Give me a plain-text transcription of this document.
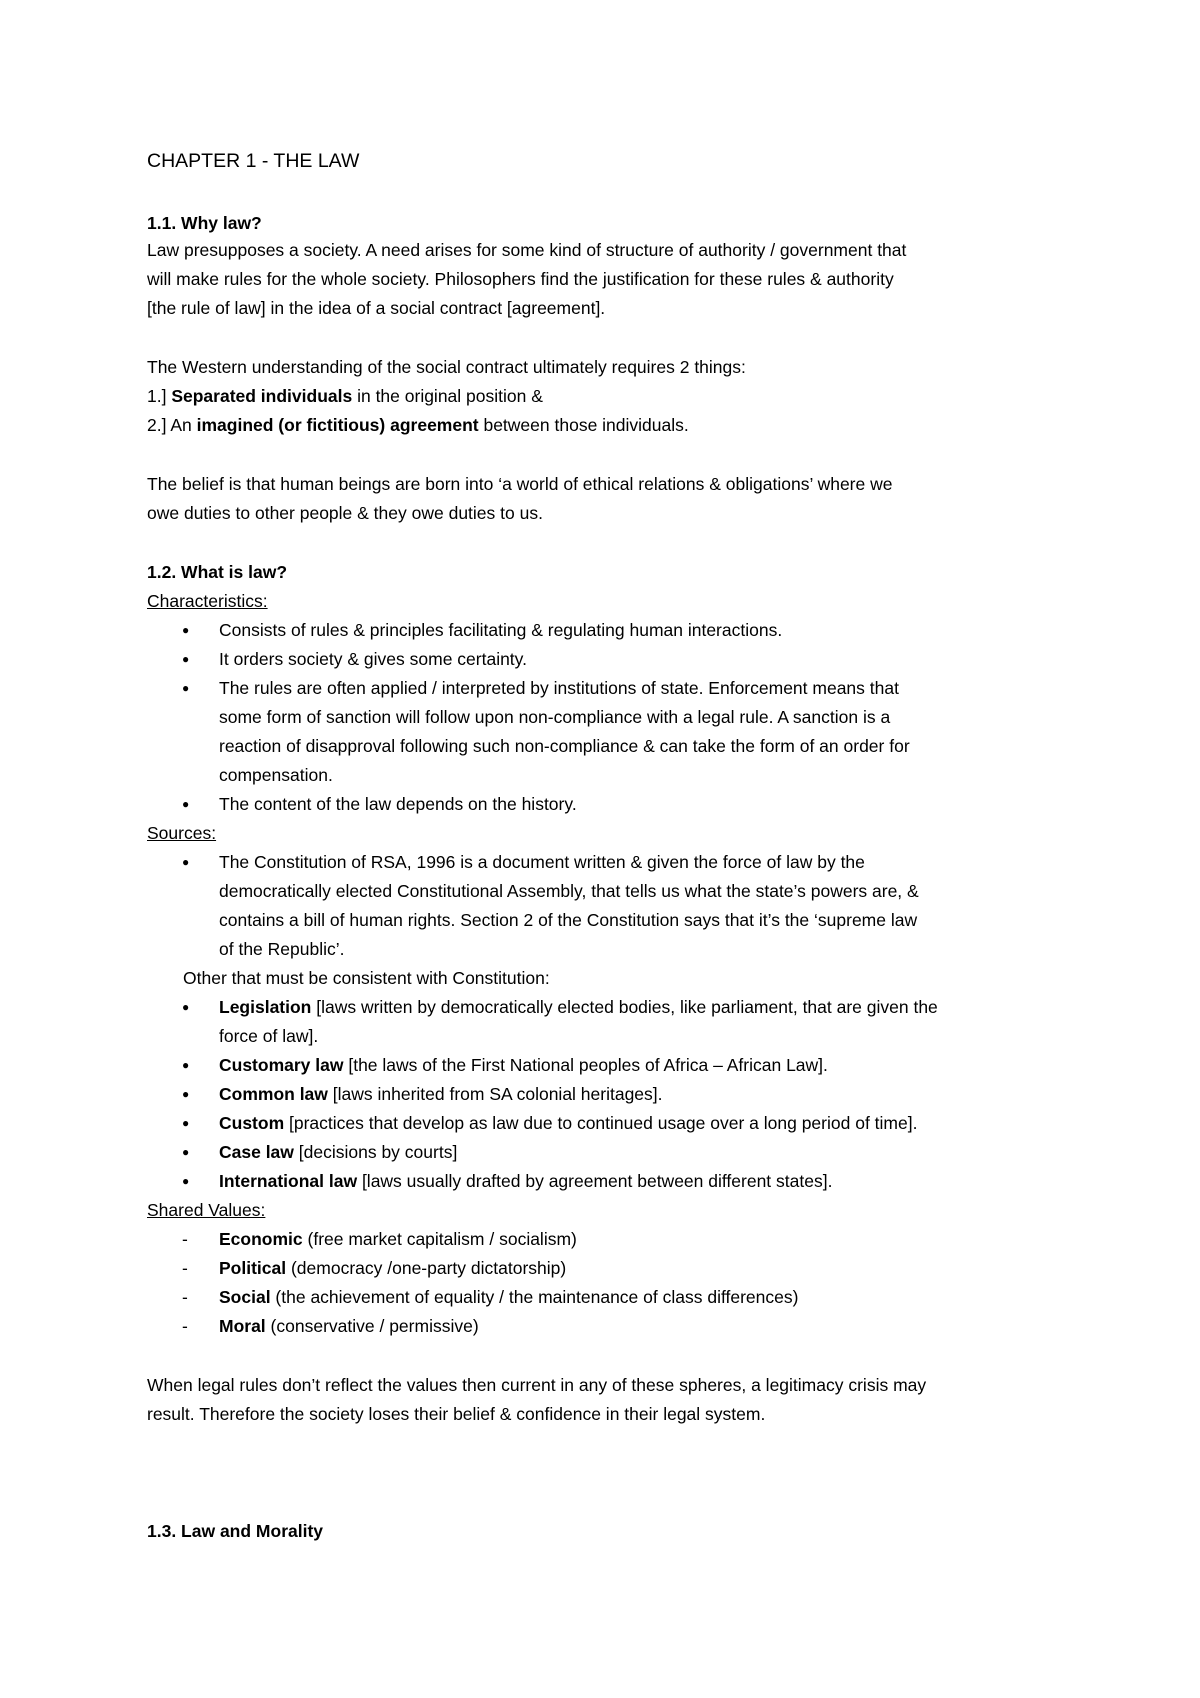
CHAPTER 1 - THE LAW
1.1. Why law?
Law presupposes a society. A need arises for some kind of structure of authority / government that
will make rules for the whole society. Philosophers find the justification for these rules & authority
[the rule of law] in the idea of a social contract [agreement].
The Western understanding of the social contract ultimately requires 2 things:
1.] Separated individuals in the original position &
2.] An imagined (or fictitious) agreement between those individuals.
The belief is that human beings are born into ‘a world of ethical relations & obligations’ where we
owe duties to other people & they owe duties to us.
1.2. What is law?
Characteristics:
● Consists of rules & principles facilitating & regulating human interactions.
● It orders society & gives some certainty.
● The rules are often applied / interpreted by institutions of state. Enforcement means that
some form of sanction will follow upon non-compliance with a legal rule. A sanction is a
reaction of disapproval following such non-compliance & can take the form of an order for
compensation.
● The content of the law depends on the history.
Sources:
● The Constitution of RSA, 1996 is a document written & given the force of law by the
democratically elected Constitutional Assembly, that tells us what the state’s powers are, &
contains a bill of human rights. Section 2 of the Constitution says that it’s the ‘supreme law
of the Republic’.
Other that must be consistent with Constitution:
● Legislation [laws written by democratically elected bodies, like parliament, that are given the
force of law].
● Customary law [the laws of the First National peoples of Africa – African Law].
● Common law [laws inherited from SA colonial heritages].
● Custom [practices that develop as law due to continued usage over a long period of time].
● Case law [decisions by courts]
● International law [laws usually drafted by agreement between different states].
Shared Values:
- Economic (free market capitalism / socialism)
- Political (democracy /one-party dictatorship)
- Social (the achievement of equality / the maintenance of class differences)
- Moral (conservative / permissive)
When legal rules don’t reflect the values then current in any of these spheres, a legitimacy crisis may
result. Therefore the society loses their belief & confidence in their legal system.
1.3. Law and Morality
